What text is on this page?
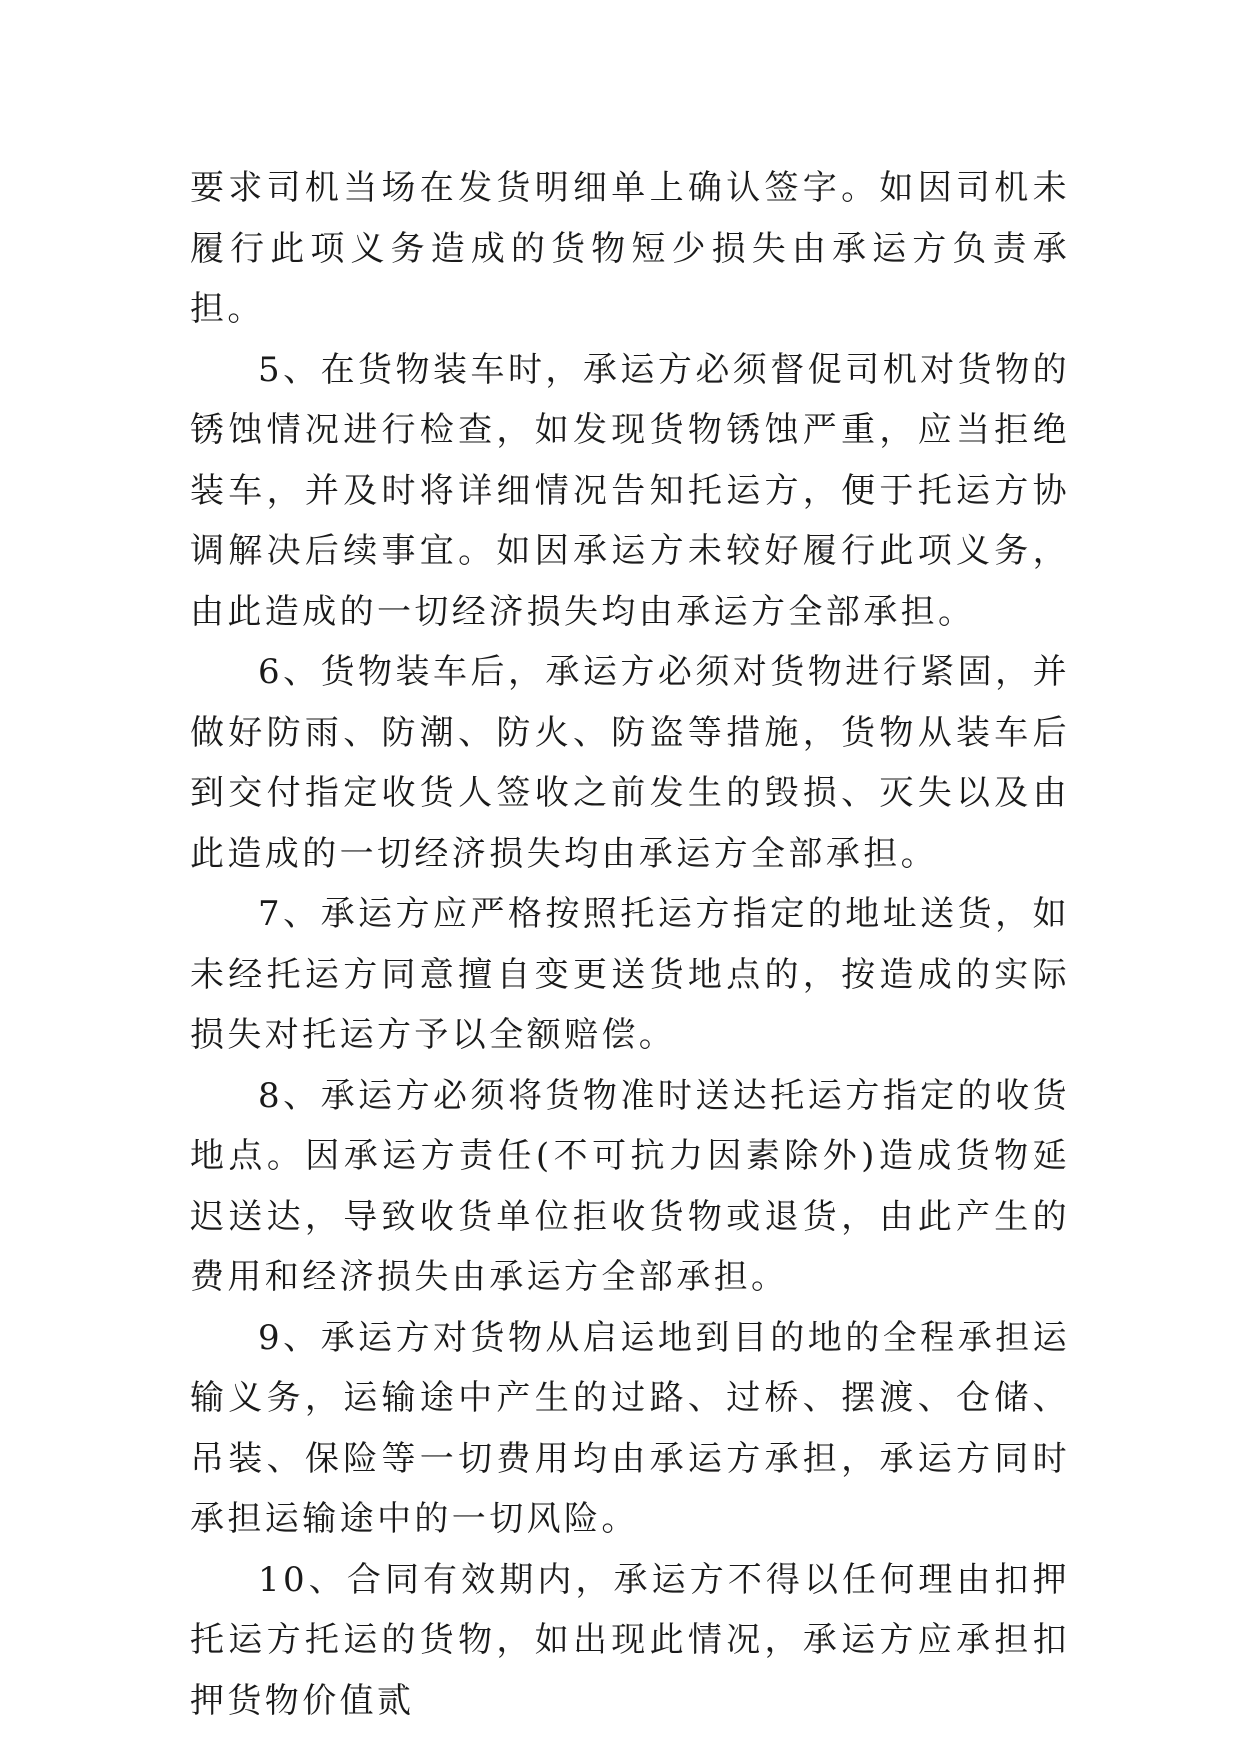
要求司机当场在发货明细单上确认签字。如因司机未履行此项义务造成的货物短少损失由承运方负责承担。

5、在货物装车时，承运方必须督促司机对货物的锈蚀情况进行检查，如发现货物锈蚀严重，应当拒绝装车，并及时将详细情况告知托运方，便于托运方协调解决后续事宜。如因承运方未较好履行此项义务，由此造成的一切经济损失均由承运方全部承担。

6、货物装车后，承运方必须对货物进行紧固，并做好防雨、防潮、防火、防盗等措施，货物从装车后到交付指定收货人签收之前发生的毁损、灭失以及由此造成的一切经济损失均由承运方全部承担。

7、承运方应严格按照托运方指定的地址送货，如未经托运方同意擅自变更送货地点的，按造成的实际损失对托运方予以全额赔偿。

8、承运方必须将货物准时送达托运方指定的收货地点。因承运方责任(不可抗力因素除外)造成货物延迟送达，导致收货单位拒收货物或退货，由此产生的费用和经济损失由承运方全部承担。

9、承运方对货物从启运地到目的地的全程承担运输义务，运输途中产生的过路、过桥、摆渡、仓储、吊装、保险等一切费用均由承运方承担，承运方同时承担运输途中的一切风险。

10、合同有效期内，承运方不得以任何理由扣押托运方托运的货物，如出现此情况，承运方应承担扣押货物价值贰
